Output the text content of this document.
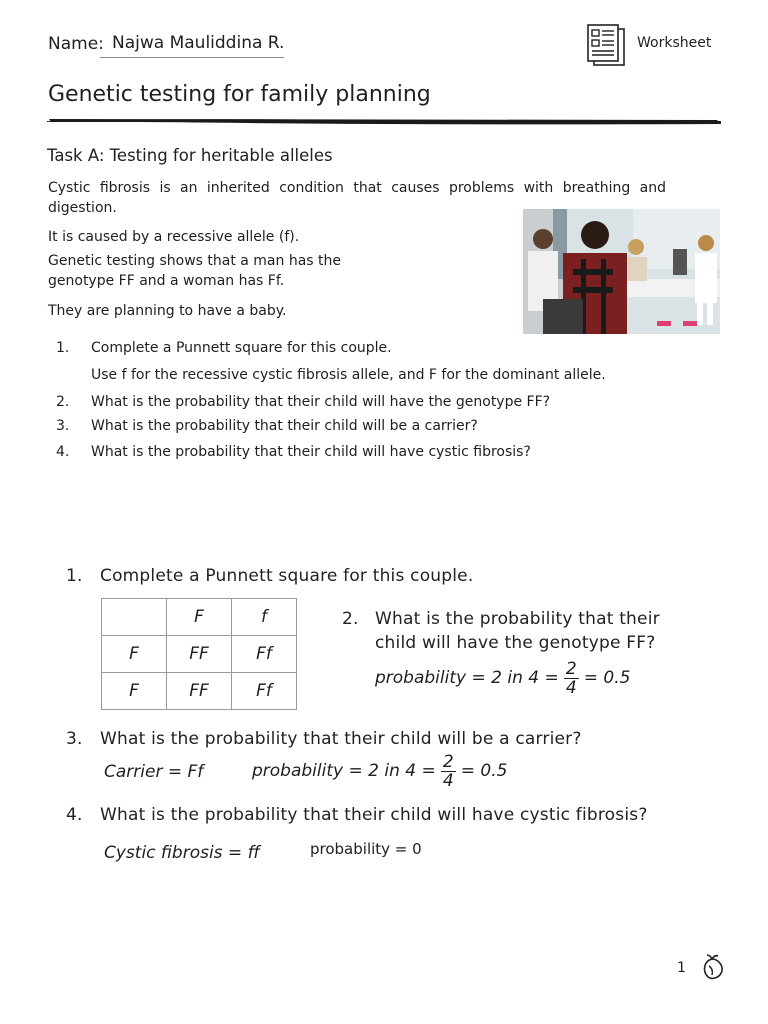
Name: Najwa Mauliddina R.	Worksheet
Genetic testing for family planning
Task A: Testing for heritable alleles
Cystic fibrosis is an inherited condition that causes problems with breathing and digestion.
It is caused by a recessive allele (f).
Genetic testing shows that a man has the genotype FF and a woman has Ff.
They are planning to have a baby.
1. Complete a Punnett square for this couple.
Use f for the recessive cystic fibrosis allele, and F for the dominant allele.
2. What is the probability that their child will have the genotype FF?
3. What is the probability that their child will be a carrier?
4. What is the probability that their child will have cystic fibrosis?
1. Complete a Punnett square for this couple.
	F	f
F	FF	Ff
F	FF	Ff
2. What is the probability that their
child will have the genotype FF?
probability = 2 in $4 = \frac{2}{4} = 0.5$
3. What is the probability that their child will be a carrier?
Carrier = Ff	probability = 2 in $4 = \frac{2}{4} = 0.5$
4. What is the probability that their child will have cystic fibrosis?
Cystic fibrosis = ff	probability = 0
1
